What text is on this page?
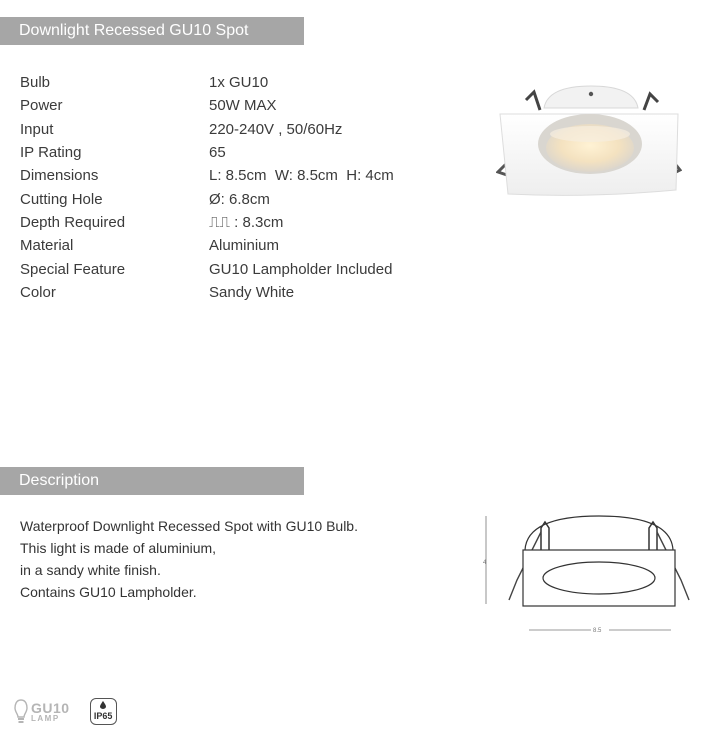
Downlight Recessed GU10 Spot
Bulb	1x GU10
Power	50W MAX
Input	220-240V , 50/60Hz
IP Rating	65
Dimensions	L: 8.5cm  W: 8.5cm  H: 4cm
Cutting Hole	Ø: 6.8cm
Depth Required	⎍⎍ : 8.3cm
Material	Aluminium
Special Feature	GU10 Lampholder Included
Color	Sandy White
Description
Waterproof Downlight Recessed Spot with GU10 Bulb.
This light is made of aluminium,
in a sandy white finish.
Contains GU10 Lampholder.
4
8.5
GU10
LAMP	IP65
